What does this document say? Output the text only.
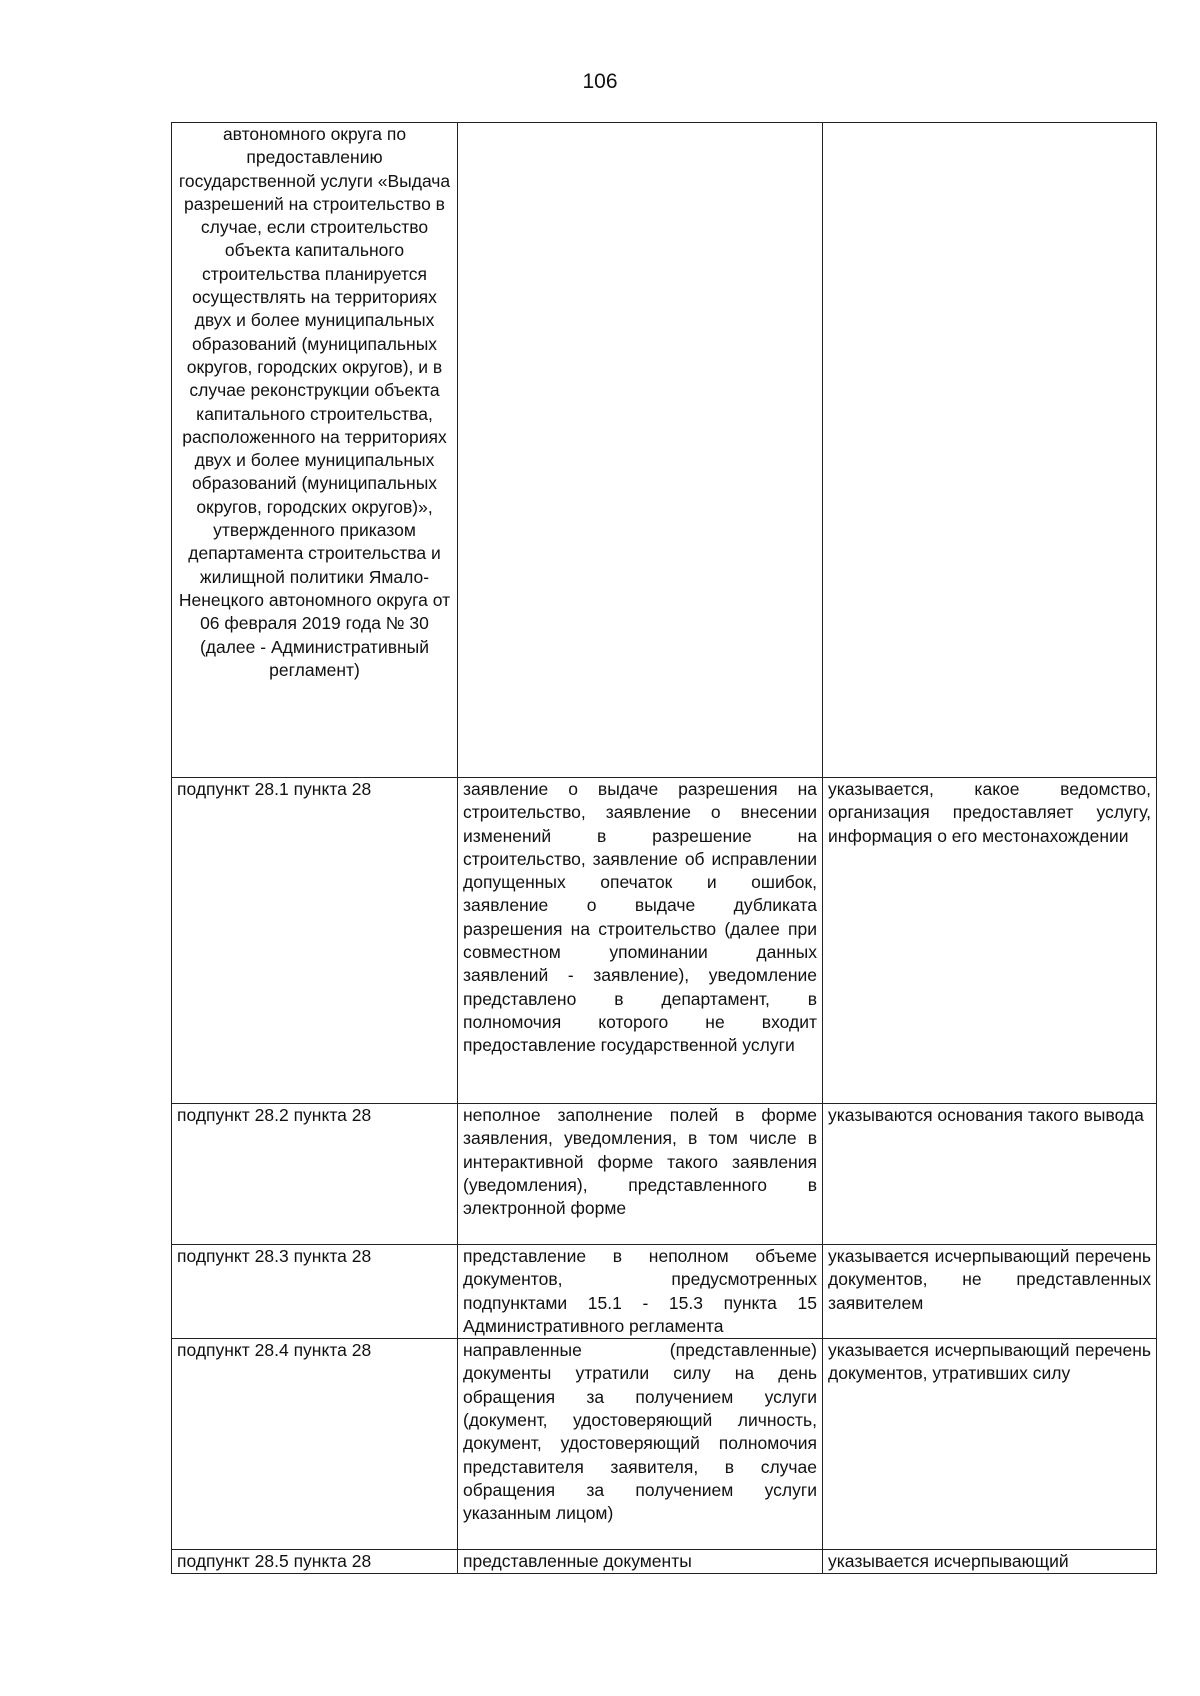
106
автономного округа по предоставлению государственной услуги «Выдача разрешений на строительство в случае, если строительство объекта капитального строительства планируется осуществлять на территориях двух и более муниципальных образований (муниципальных округов, городских округов), и в случае реконструкции объекта капитального строительства, расположенного на территориях двух и более муниципальных образований (муниципальных округов, городских округов)», утвержденного приказом департамента строительства и жилищной политики Ямало-Ненецкого автономного округа от 06 февраля 2019 года № 30 (далее - Административный регламент)		
подпункт 28.1 пункта 28	заявление о выдаче разрешения на строительство, заявление о внесении изменений в разрешение на строительство, заявление об исправлении допущенных опечаток и ошибок, заявление о выдаче дубликата разрешения на строительство (далее при совместном упоминании данных заявлений - заявление), уведомление представлено в департамент, в полномочия которого не входит предоставление государственной услуги	указывается, какое ведомство, организация предоставляет услугу, информация о его местонахождении
подпункт 28.2 пункта 28	неполное заполнение полей в форме заявления, уведомления, в том числе в интерактивной форме такого заявления (уведомления), представленного в электронной форме	указываются основания такого вывода
подпункт 28.3 пункта 28	представление в неполном объеме документов, предусмотренных подпунктами 15.1 - 15.3 пункта 15 Административного регламента	указывается исчерпывающий перечень документов, не представленных заявителем
подпункт 28.4 пункта 28	направленные (представленные) документы утратили силу на день обращения за получением услуги (документ, удостоверяющий личность, документ, удостоверяющий полномочия представителя заявителя, в случае обращения за получением услуги указанным лицом)	указывается исчерпывающий перечень документов, утративших силу
подпункт 28.5 пункта 28	представленные документы	указывается исчерпывающий
